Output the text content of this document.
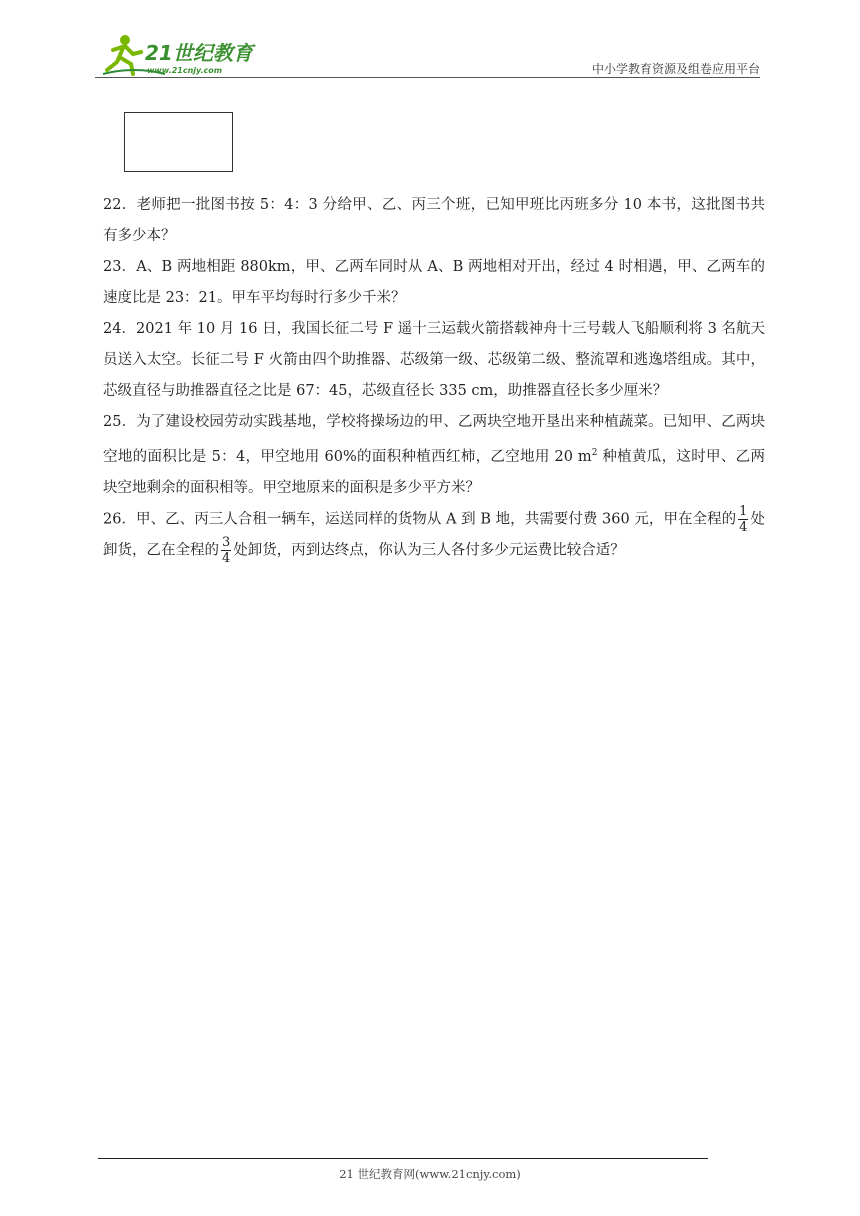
21世纪教育
www.21cnjy.com	中小学教育资源及组卷应用平台

22．老师把一批图书按 5：4：3 分给甲、乙、丙三个班，已知甲班比丙班多分 10 本书，这批图书共有多少本？

23．A、B 两地相距 880km，甲、乙两车同时从 A、B 两地相对开出，经过 4 时相遇，甲、乙两车的速度比是 23：21。甲车平均每时行多少千米？

24．2021 年 10 月 16 日，我国长征二号 F 遥十三运载火箭搭载神舟十三号载人飞船顺利将 3 名航天员送入太空。长征二号 F 火箭由四个助推器、芯级第一级、芯级第二级、整流罩和逃逸塔组成。其中，芯级直径与助推器直径之比是 67：45，芯级直径长 335 cm，助推器直径长多少厘米？

25．为了建设校园劳动实践基地，学校将操场边的甲、乙两块空地开垦出来种植蔬菜。已知甲、乙两块空地的面积比是 5：4，甲空地用 60%的面积种植西红柿，乙空地用 20 $m^2$ 种植黄瓜，这时甲、乙两块空地剩余的面积相等。甲空地原来的面积是多少平方米？

26．甲、乙、丙三人合租一辆车，运送同样的货物从 A 到 B 地，共需要付费 360 元，甲在全程的 $\frac{1}{4}$ 处卸货，乙在全程的 $\frac{3}{4}$ 处卸货，丙到达终点，你认为三人各付多少元运费比较合适？

21 世纪教育网(www.21cnjy.com)
